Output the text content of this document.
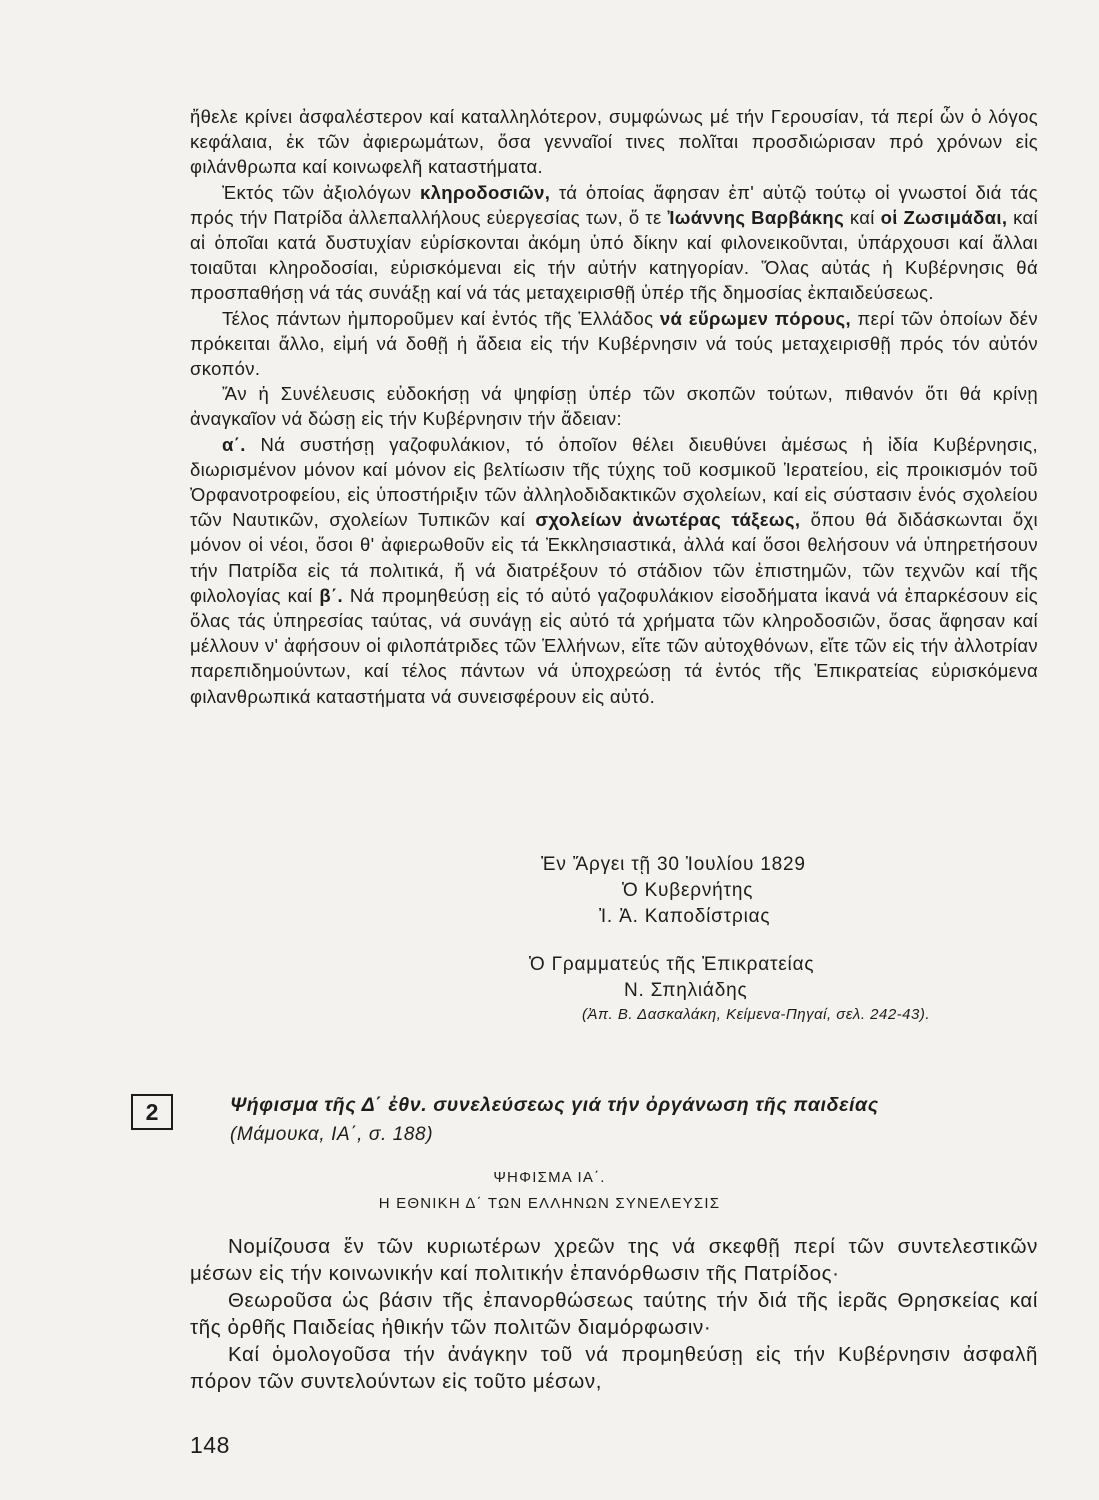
ἤθελε κρίνει ἀσφαλέστερον καί καταλληλότερον, συμφώνως μέ τήν Γερουσίαν, τά περί ὧν ὁ λόγος κεφάλαια, ἐκ τῶν ἀφιερωμάτων, ὅσα γενναῖοί τινες πολῖται προσδιώρισαν πρό χρόνων εἰς φιλάνθρωπα καί κοινωφελῆ καταστήματα.

Ἐκτός τῶν ἀξιολόγων κληροδοσιῶν, τά ὁποίας ἄφησαν ἐπ' αὐτῷ τούτῳ οἱ γνωστοί διά τάς πρός τήν Πατρίδα ἀλλεπαλλήλους εὐεργεσίας των, ὅ τε Ἰωάννης Βαρβάκης καί οἱ Ζωσιμάδαι, καί αἱ ὁποῖαι κατά δυστυχίαν εὑρίσκονται ἀκόμη ὑπό δίκην καί φιλονεικοῦνται, ὑπάρχουσι καί ἄλλαι τοιαῦται κληροδοσίαι, εὑρισκόμεναι εἰς τήν αὐτήν κατηγορίαν. Ὅλας αὐτάς ἡ Κυβέρνησις θά προσπαθήσῃ νά τάς συνάξῃ καί νά τάς μεταχειρισθῇ ὑπέρ τῆς δημοσίας ἐκπαιδεύσεως.

Τέλος πάντων ἠμποροῦμεν καί ἐντός τῆς Ἑλλάδος νά εὕρωμεν πόρους, περί τῶν ὁποίων δέν πρόκειται ἄλλο, εἰμή νά δοθῇ ἡ ἄδεια εἰς τήν Κυβέρνησιν νά τούς μεταχειρισθῇ πρός τόν αὐτόν σκοπόν.

Ἄν ἡ Συνέλευσις εὐδοκήσῃ νά ψηφίσῃ ὑπέρ τῶν σκοπῶν τούτων, πιθανόν ὅτι θά κρίνῃ ἀναγκαῖον νά δώσῃ εἰς τήν Κυβέρνησιν τήν ἄδειαν:

α΄. Νά συστήσῃ γαζοφυλάκιον, τό ὁποῖον θέλει διευθύνει ἀμέσως ἡ ἰδία Κυβέρνησις, διωρισμένον μόνον καί μόνον εἰς βελτίωσιν τῆς τύχης τοῦ κοσμικοῦ Ἱερατείου, εἰς προικισμόν τοῦ Ὀρφανοτροφείου, εἰς ὑποστήριξιν τῶν ἀλληλοδιδακτικῶν σχολείων, καί εἰς σύστασιν ἑνός σχολείου τῶν Ναυτικῶν, σχολείων Τυπικῶν καί σχολείων ἀνωτέρας τάξεως, ὅπου θά διδάσκωνται ὄχι μόνον οἱ νέοι, ὅσοι θ' ἀφιερωθοῦν εἰς τά Ἐκκλησιαστικά, ἀλλά καί ὅσοι θελήσουν νά ὑπηρετήσουν τήν Πατρίδα εἰς τά πολιτικά, ἤ νά διατρέξουν τό στάδιον τῶν ἐπιστημῶν, τῶν τεχνῶν καί τῆς φιλολογίας καί β΄. Νά προμηθεύσῃ εἰς τό αὐτό γαζοφυλάκιον εἰσοδήματα ἱκανά νά ἐπαρκέσουν εἰς ὅλας τάς ὑπηρεσίας ταύτας, νά συνάγῃ εἰς αὐτό τά χρήματα τῶν κληροδοσιῶν, ὅσας ἄφησαν καί μέλλουν ν' ἀφήσουν οἱ φιλοπάτριδες τῶν Ἑλλήνων, εἴτε τῶν αὐτοχθόνων, εἴτε τῶν εἰς τήν ἀλλοτρίαν παρεπιδημούντων, καί τέλος πάντων νά ὑποχρεώσῃ τά ἐντός τῆς Ἐπικρατείας εὑρισκόμενα φιλανθρωπικά καταστήματα νά συνεισφέρουν εἰς αὐτό.

Ἐν Ἄργει τῇ 30 Ἰουλίου 1829
Ὁ Κυβερνήτης
Ἰ. Ἀ. Καποδίστριας
Ὁ Γραμματεύς τῆς Ἐπικρατείας
Ν. Σπηλιάδης
(Ἀπ. Β. Δασκαλάκη, Κείμενα-Πηγαί, σελ. 242-43).
2	Ψήφισμα τῆς Δ΄ ἐθν. συνελεύσεως γιά τήν ὀργάνωση τῆς παιδείας
(Μάμουκα, ΙΑ΄, σ. 188)
ΨΗΦΙΣΜΑ ΙΑ΄.
Η ΕΘΝΙΚΗ Δ΄ ΤΩΝ ΕΛΛΗΝΩΝ ΣΥΝΕΛΕΥΣΙΣ

Νομίζουσα ἕν τῶν κυριωτέρων χρεῶν της νά σκεφθῇ περί τῶν συντελεστικῶν μέσων εἰς τήν κοινωνικήν καί πολιτικήν ἐπανόρθωσιν τῆς Πατρίδος·

Θεωροῦσα ὡς βάσιν τῆς ἐπανορθώσεως ταύτης τήν διά τῆς ἱερᾶς Θρησκείας καί τῆς ὀρθῆς Παιδείας ἠθικήν τῶν πολιτῶν διαμόρφωσιν·

Καί ὁμολογοῦσα τήν ἀνάγκην τοῦ νά προμηθεύσῃ εἰς τήν Κυβέρνησιν ἀσφαλῆ πόρον τῶν συντελούντων εἰς τοῦτο μέσων,

148
